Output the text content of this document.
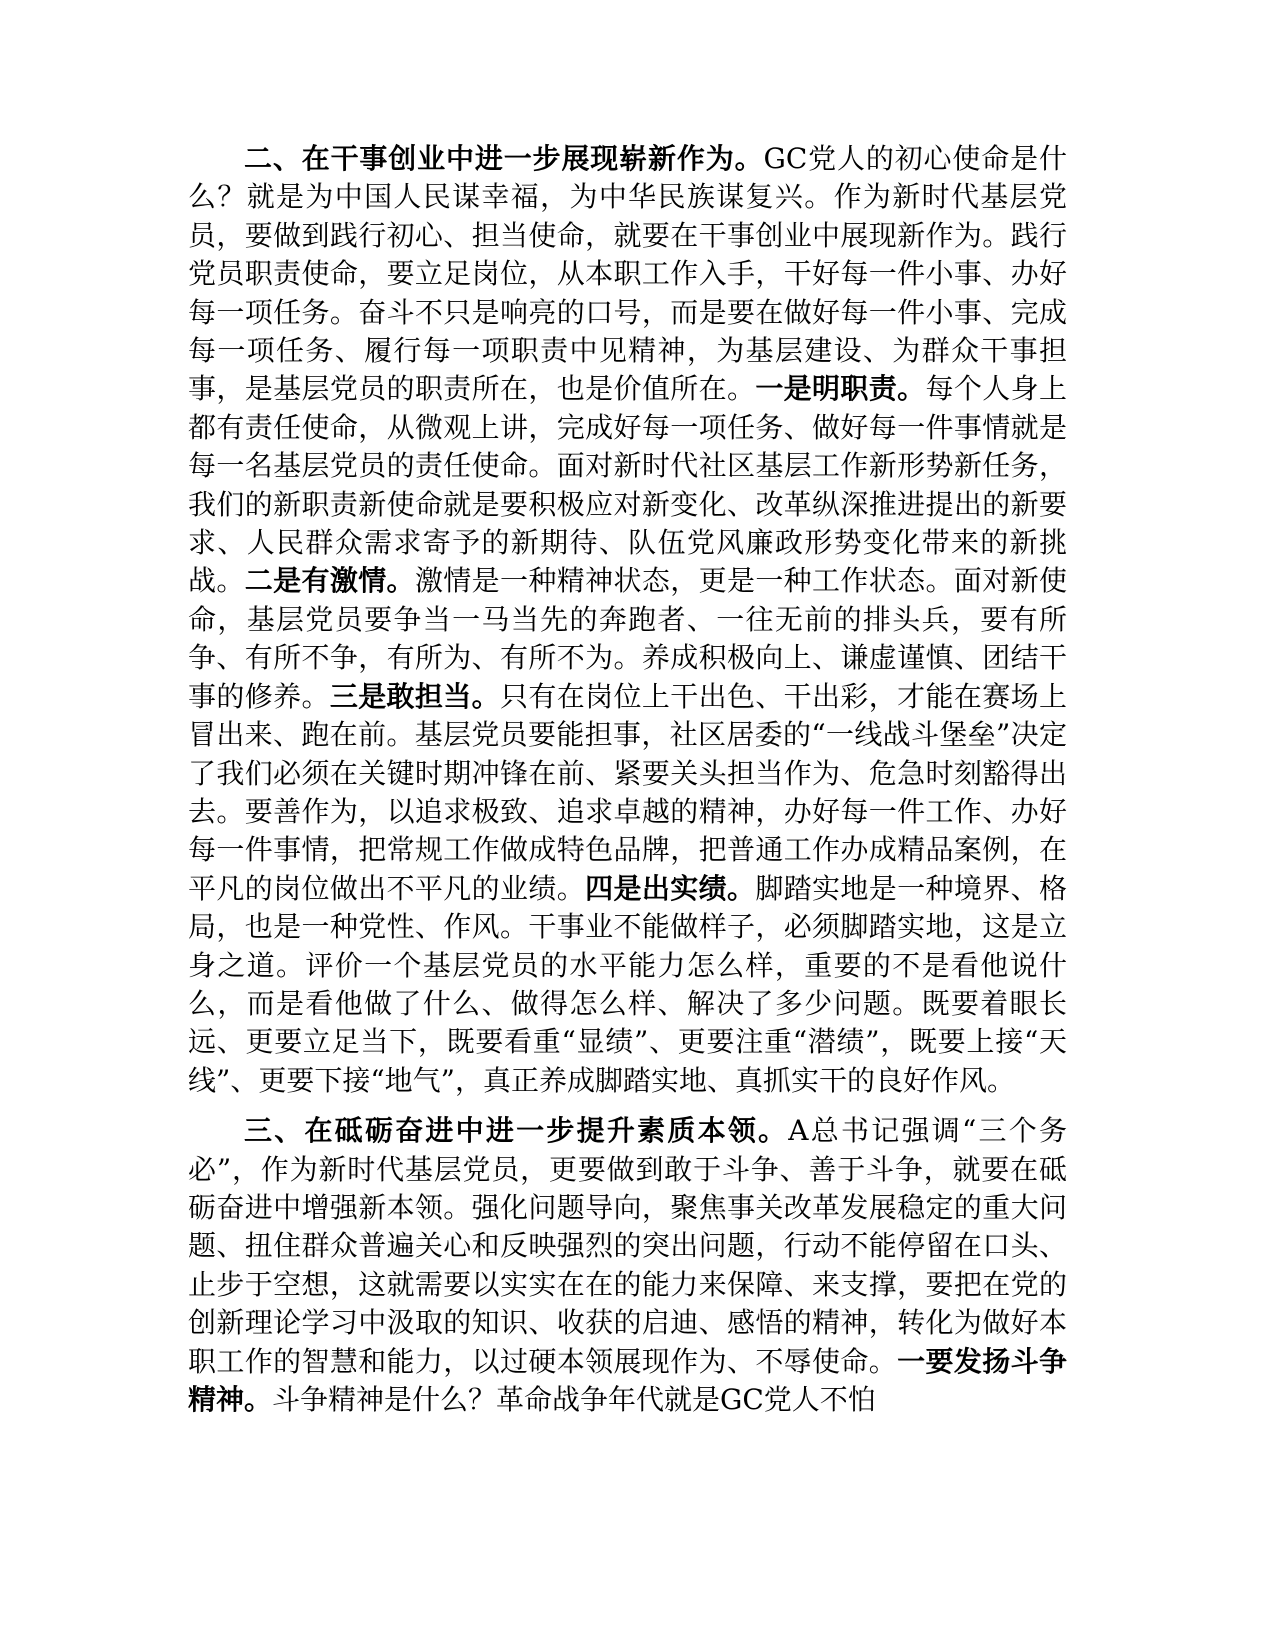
二、在干事创业中进一步展现崭新作为。GC党人的初心使命是什么？就是为中国人民谋幸福，为中华民族谋复兴。作为新时代基层党员，要做到践行初心、担当使命，就要在干事创业中展现新作为。践行党员职责使命，要立足岗位，从本职工作入手，干好每一件小事、办好每一项任务。奋斗不只是响亮的口号，而是要在做好每一件小事、完成每一项任务、履行每一项职责中见精神，为基层建设、为群众干事担事，是基层党员的职责所在，也是价值所在。一是明职责。每个人身上都有责任使命，从微观上讲，完成好每一项任务、做好每一件事情就是每一名基层党员的责任使命。面对新时代社区基层工作新形势新任务，我们的新职责新使命就是要积极应对新变化、改革纵深推进提出的新要求、人民群众需求寄予的新期待、队伍党风廉政形势变化带来的新挑战。二是有激情。激情是一种精神状态，更是一种工作状态。面对新使命，基层党员要争当一马当先的奔跑者、一往无前的排头兵，要有所争、有所不争，有所为、有所不为。养成积极向上、谦虚谨慎、团结干事的修养。三是敢担当。只有在岗位上干出色、干出彩，才能在赛场上冒出来、跑在前。基层党员要能担事，社区居委的“一线战斗堡垒”决定了我们必须在关键时期冲锋在前、紧要关头担当作为、危急时刻豁得出去。要善作为，以追求极致、追求卓越的精神，办好每一件工作、办好每一件事情，把常规工作做成特色品牌，把普通工作办成精品案例，在平凡的岗位做出不平凡的业绩。四是出实绩。脚踏实地是一种境界、格局，也是一种党性、作风。干事业不能做样子，必须脚踏实地，这是立身之道。评价一个基层党员的水平能力怎么样，重要的不是看他说什么，而是看他做了什么、做得怎么样、解决了多少问题。既要着眼长远、更要立足当下，既要看重“显绩”、更要注重“潜绩”，既要上接“天线”、更要下接“地气”，真正养成脚踏实地、真抓实干的良好作风。

三、在砥砺奋进中进一步提升素质本领。A总书记强调“三个务必”，作为新时代基层党员，更要做到敢于斗争、善于斗争，就要在砥砺奋进中增强新本领。强化问题导向，聚焦事关改革发展稳定的重大问题、扭住群众普遍关心和反映强烈的突出问题，行动不能停留在口头、止步于空想，这就需要以实实在在的能力来保障、来支撑，要把在党的创新理论学习中汲取的知识、收获的启迪、感悟的精神，转化为做好本职工作的智慧和能力，以过硬本领展现作为、不辱使命。一要发扬斗争精神。斗争精神是什么？革命战争年代就是GC党人不怕
